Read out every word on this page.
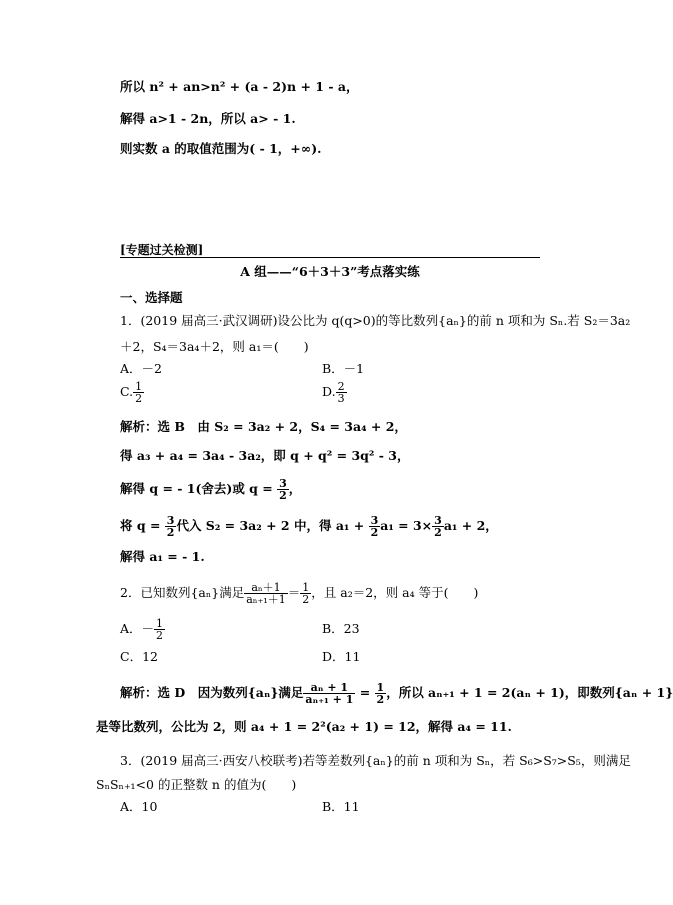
所以 n² + an>n² + (a - 2)n + 1 - a，
解得 a>1 - 2n，所以 a> - 1.
则实数 a 的取值范围为( - 1，+∞).
[专题过关检测]
A 组——“6＋3＋3”考点落实练
一、选择题
1．(2019 届高三·武汉调研)设公比为 q(q>0)的等比数列{aₙ}的前 n 项和为 Sₙ.若 S₂＝3a₂
＋2，S₄＝3a₄＋2，则 a₁＝(　　)
A．－2	B．－1
C. $\frac{1}{2}$	D. $\frac{2}{3}$
解析：选 B　由 S₂ = 3a₂ + 2，S₄ = 3a₄ + 2，
得 a₃ + a₄ = 3a₄ - 3a₂，即 q + q² = 3q² - 3，
解得 q = - 1(舍去)或 $q = \frac{3}{2}$ ，
将 $q = \frac{3}{2}$ 代入 S₂ = 3a₂ + 2 中，得 $a_1 + \frac{3}{2} a_1 = 3\times \frac{3}{2} a_1 + 2$，
解得 a₁ = - 1.
2．已知数列{aₙ}满足 $\frac{\text{aₙ＋1}}{\text{aₙ₊₁＋1}} = \frac{1}{2}$ ，且 a₂＝2，则 a₄ 等于(　　)
A．－ $\frac{1}{2}$	B．23
C．12	D．11
解析：选 D　因为数列{aₙ}满足 $\frac{\text{aₙ + 1}}{\text{aₙ₊₁ + 1}} = \frac{1}{2}$ ，所以 aₙ₊₁ + 1 = 2(aₙ + 1)，即数列{aₙ + 1}
是等比数列，公比为 2，则 a₄ + 1 = 2²(a₂ + 1) = 12，解得 a₄ = 11.
3．(2019 届高三·西安八校联考)若等差数列{aₙ}的前 n 项和为 Sₙ，若 S₆>S₇>S₅，则满足
SₙSₙ₊₁<0 的正整数 n 的值为(　　)
A．10	B．11
